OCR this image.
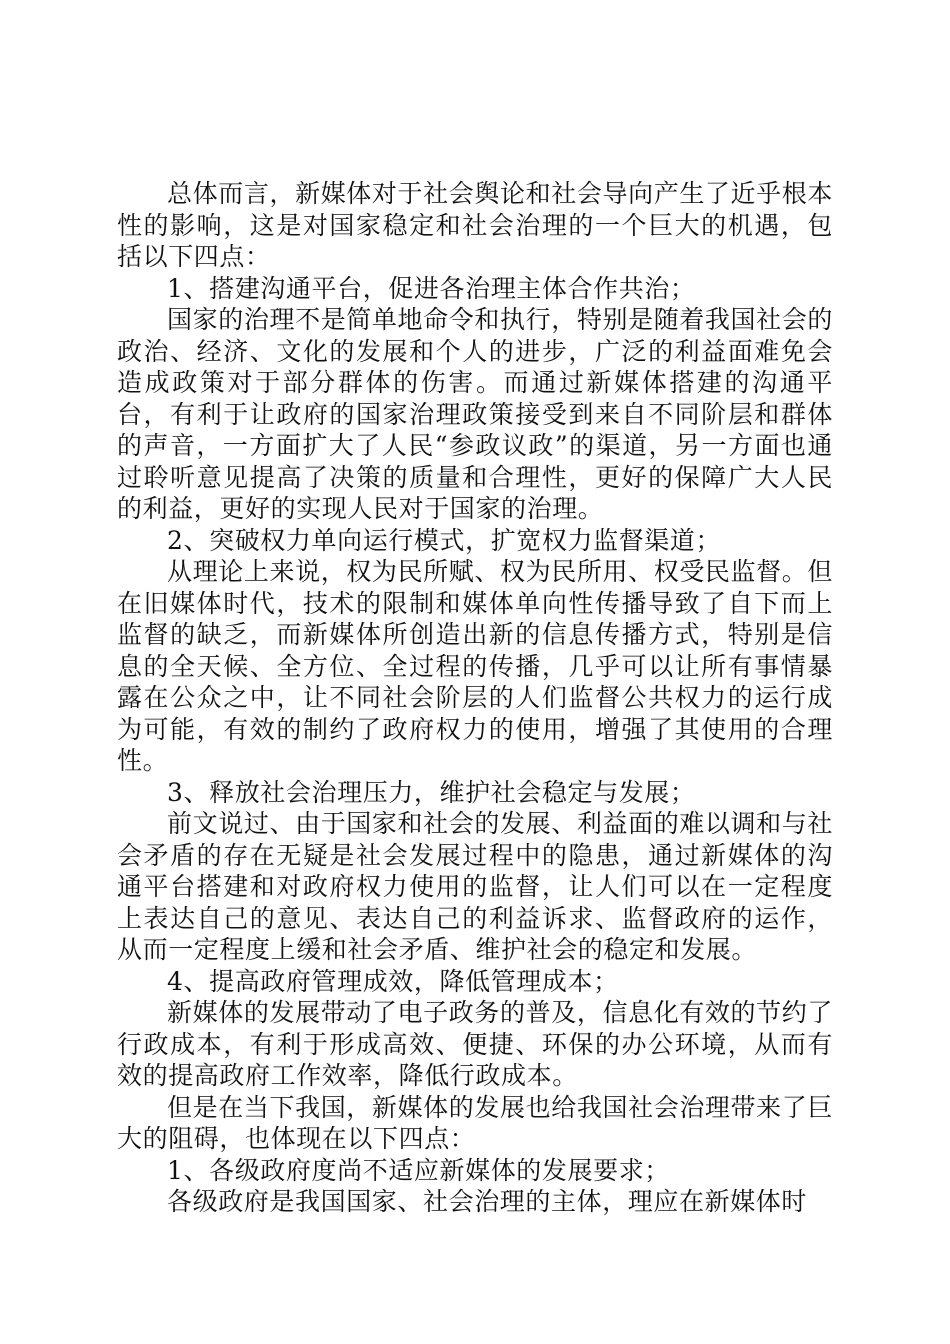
总体而言，新媒体对于社会舆论和社会导向产生了近乎根本性的影响，这是对国家稳定和社会治理的一个巨大的机遇，包括以下四点：

1、搭建沟通平台，促进各治理主体合作共治；

国家的治理不是简单地命令和执行，特别是随着我国社会的政治、经济、文化的发展和个人的进步，广泛的利益面难免会造成政策对于部分群体的伤害。而通过新媒体搭建的沟通平台，有利于让政府的国家治理政策接受到来自不同阶层和群体的声音，一方面扩大了人民“参政议政”的渠道，另一方面也通过聆听意见提高了决策的质量和合理性，更好的保障广大人民的利益，更好的实现人民对于国家的治理。

2、突破权力单向运行模式，扩宽权力监督渠道；

从理论上来说，权为民所赋、权为民所用、权受民监督。但在旧媒体时代，技术的限制和媒体单向性传播导致了自下而上监督的缺乏，而新媒体所创造出新的信息传播方式，特别是信息的全天候、全方位、全过程的传播，几乎可以让所有事情暴露在公众之中，让不同社会阶层的人们监督公共权力的运行成为可能，有效的制约了政府权力的使用，增强了其使用的合理性。

3、释放社会治理压力，维护社会稳定与发展；

前文说过、由于国家和社会的发展、利益面的难以调和与社会矛盾的存在无疑是社会发展过程中的隐患，通过新媒体的沟通平台搭建和对政府权力使用的监督，让人们可以在一定程度上表达自己的意见、表达自己的利益诉求、监督政府的运作，从而一定程度上缓和社会矛盾、维护社会的稳定和发展。

4、提高政府管理成效，降低管理成本；

新媒体的发展带动了电子政务的普及，信息化有效的节约了行政成本，有利于形成高效、便捷、环保的办公环境，从而有效的提高政府工作效率，降低行政成本。

但是在当下我国，新媒体的发展也给我国社会治理带来了巨大的阻碍，也体现在以下四点：

1、各级政府度尚不适应新媒体的发展要求；

各级政府是我国国家、社会治理的主体，理应在新媒体时
